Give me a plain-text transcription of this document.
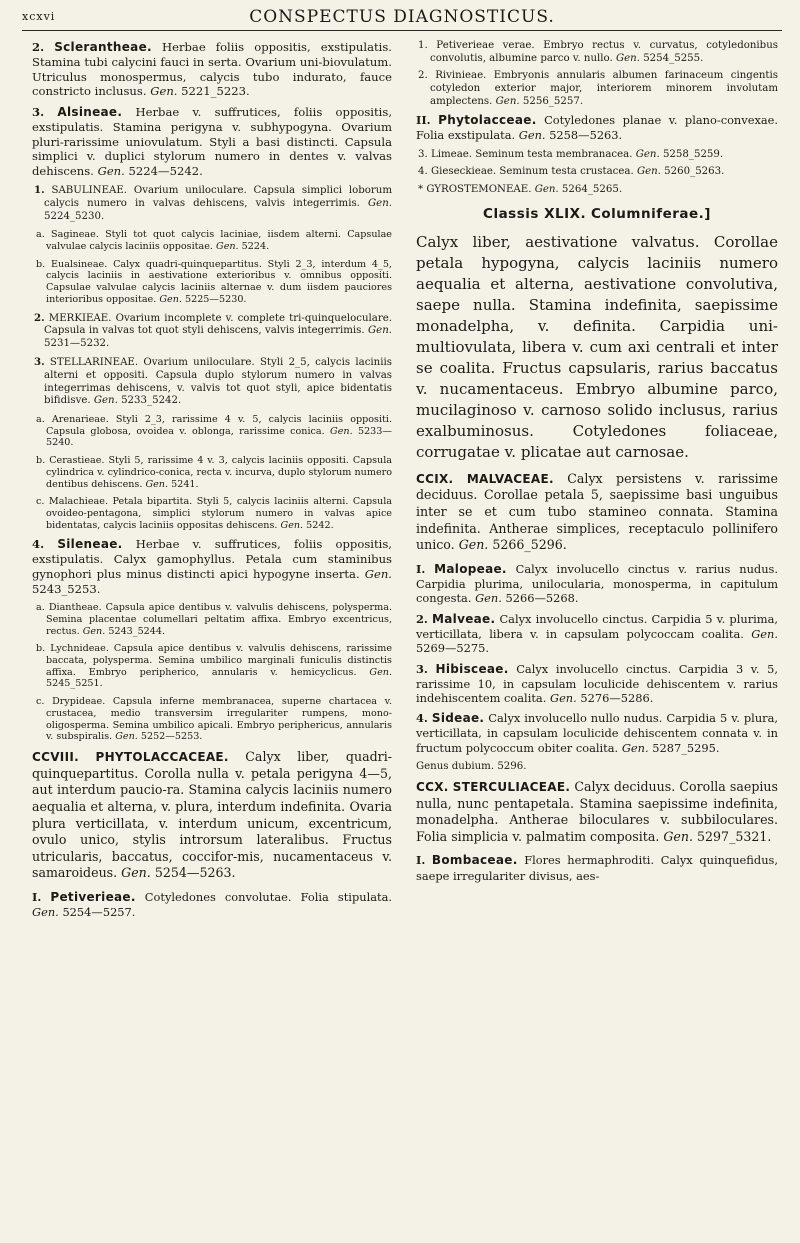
xcxvi	CONSPECTUS DIAGNOSTICUS.

2. Scleranthеae. Herbae foliis oppositis, exstipulatis. Stamina tubi calycini fauci in serta. Ovarium uni-biovulatum. Utriculus monospermus, calycis tubo indurato, fauce constricto inclusus. Gen. 5221_5223.

3. Alsineae. Herbae v. suffrutices, foliis oppositis, exstipulatis. Stamina perigyna v. subhypogyna. Ovarium pluri-rarissime uniovulatum. Styli a basi distincti. Capsula simplici v. duplici stylorum numero in dentes v. valvas dehiscens. Gen. 5224—5242.

1. SABULINEAE. Ovarium uniloculare. Capsula simplici loborum calycis numero in valvas dehiscens, valvis integerrimis. Gen. 5224_5230.

a. Sagineae. Styli tot quot calycis laciniae, iisdem alterni. Capsulae valvulae calycis laciniis oppositae. Gen. 5224.

b. Eualsineae. Calyx quadri-quinquepartitus. Styli 2_3, interdum 4_5, calycis laciniis in aestivatione exterioribus v. omnibus oppositi. Capsulae valvulae calycis laciniis alternae v. dum iisdem pauciores interioribus oppositae. Gen. 5225—5230.

2. MERKIEAE. Ovarium incomplete v. complete tri-quinqueloculare. Capsula in valvas tot quot styli dehiscens, valvis integerrimis. Gen. 5231—5232.

3. STELLARINEAE. Ovarium uniloculare. Styli 2_5, calycis laciniis alterni et oppositi. Capsula duplo stylorum numero in valvas integerrimas dehiscens, v. valvis tot quot styli, apice bidentatis bifidisve. Gen. 5233_5242.

a. Arenarieae. Styli 2_3, rarissime 4 v. 5, calycis laciniis oppositi. Capsula globosa, ovoidea v. oblonga, rarissime conica. Gen. 5233—5240.

b. Cerastieae. Styli 5, rarissime 4 v. 3, calycis laciniis oppositi. Capsula cylindrica v. cylindrico-conica, recta v. incurva, duplo stylorum numero dentibus dehiscens. Gen. 5241.

c. Malachieae. Petala bipartita. Styli 5, calycis laciniis alterni. Capsula ovoideo-pentagona, simplici stylorum numero in valvas apice bidentatas, calycis laciniis oppositas dehiscens. Gen. 5242.

4. Sileneae. Herbae v. suffrutices, foliis oppositis, exstipulatis. Calyx gamophyllus. Petala cum staminibus gynophori plus minus distincti apici hypogyne inserta. Gen. 5243_5253.

a. Diantheae. Capsula apice dentibus v. valvulis dehiscens, polysperma. Semina placentae columellari peltatim affixa. Embryo excentricus, rectus. Gen. 5243_5244.

b. Lychnideae. Capsula apice dentibus v. valvulis dehiscens, rarissime baccata, polysperma. Semina umbilico marginali funiculis distinctis affixa. Embryo peripherico, annularis v. hemicyclicus. Gen. 5245_5251.

c. Drypideae. Capsula inferne membranacea, superne chartacea v. crustacea, medio transversim irregulariter rumpens, mono-oligosperma. Semina umbilico apicali. Embryo periphericus, annularis v. subspiralis. Gen. 5252—5253.

CCVIII. PHYTOLACCACEAE. Calyx liber, quadri-quinquepartitus. Corolla nulla v. petala perigyna 4—5, aut interdum paucio-ra. Stamina calycis laciniis numero aequalia et alterna, v. plura, interdum indefinita. Ovaria plura verticillata, v. interdum unicum, excentricum, ovulo unico, stylis introrsum lateralibus. Fructus utricularis, baccatus, coccifor-mis, nucamentaceus v. samaroideus. Gen. 5254—5263.

I. Petiverieae. Cotyledones convolutae. Folia stipulata. Gen. 5254—5257.

1. Petiverieae verae. Embryo rectus v. curvatus, cotyledonibus convolutis, albumine parco v. nullo. Gen. 5254_5255.

2. Rivinieae. Embryonis annularis albumen farinaceum cingentis cotyledon exterior major, interiorem minorem involutam amplectens. Gen. 5256_5257.

II. Phytolacceae. Cotyledones planae v. plano-convexae. Folia exstipulata. Gen. 5258—5263.

3. Limeae. Seminum testa membranacea. Gen. 5258_5259.

4. Gieseckieae. Seminum testa crustacea. Gen. 5260_5263.

* GYROSTEMONEAE. Gen. 5264_5265.

Classis XLIX. Columniferae.]

Calyx liber, aestivatione valvatus. Corollae petala hypogyna, calycis laciniis numero aequalia et alterna, aestivatione convolutiva, saepe nulla. Stamina indefinita, saepissime monadelpha, v. definita. Carpidia uni-multiovulata, libera v. cum axi centrali et inter se coalita. Fructus capsularis, rarius baccatus v. nucamentaceus. Embryo albumine parco, mucilaginoso v. carnoso solido inclusus, rarius exalbuminosus. Cotyledones foliaceae, corrugatae v. plicatae aut carnosae.

CCIX. MALVACEAE. Calyx persistens v. rarissime deciduus. Corollae petala 5, saepissime basi unguibus inter se et cum tubo stamineo connata. Stamina indefinita. Antherae simplices, receptaculo pollinifero unico. Gen. 5266_5296.

I. Malopeae. Calyx involucello cinctus v. rarius nudus. Carpidia plurima, unilocularia, monosperma, in capitulum congesta. Gen. 5266—5268.

2. Malveae. Calyx involucello cinctus. Carpidia 5 v. plurima, verticillata, libera v. in capsulam polycoccam coalita. Gen. 5269—5275.

3. Hibisceae. Calyx involucello cinctus. Carpidia 3 v. 5, rarissime 10, in capsulam loculicide dehiscentem v. rarius indehiscentem coalita. Gen. 5276—5286.

4. Sideae. Calyx involucello nullo nudus. Carpidia 5 v. plura, verticillata, in capsulam loculicide dehiscentem connata v. in fructum polycoccum obiter coalita. Gen. 5287_5295.

Genus dubium. 5296.

CCX. STERCULIACEAE. Calyx deciduus. Corolla saepius nulla, nunc pentapetala. Stamina saepissime indefinita, monadelpha. Antherae biloculares v. subbiloculares. Folia simplicia v. palmatim composita. Gen. 5297_5321.

I. Bombaceae. Flores hermaphroditi. Calyx quinquefidus, saepe irregulariter divisus, aes-
